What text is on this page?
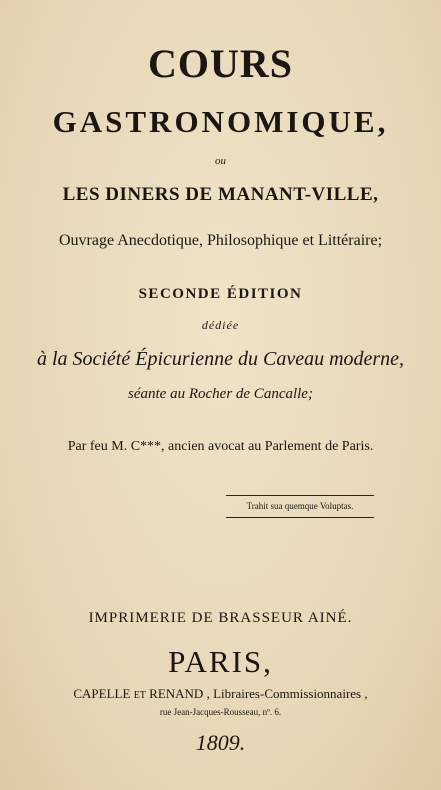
COURS
GASTRONOMIQUE,
ou
LES DINERS DE MANANT-VILLE,
Ouvrage Anecdotique, Philosophique et Littéraire;
SECONDE ÉDITION
dédiée
à la Société Épicurienne du Caveau moderne,
séante au Rocher de Cancalle;
Par feu M. C***, ancien avocat au Parlement de Paris.
Trahit sua quemque Voluptas.
IMPRIMERIE DE BRASSEUR AINÉ.
PARIS,
CAPELLE ET RENAND , Libraires-Commissionnaires ,
rue Jean-Jacques-Rousseau, nº. 6.
1809.
